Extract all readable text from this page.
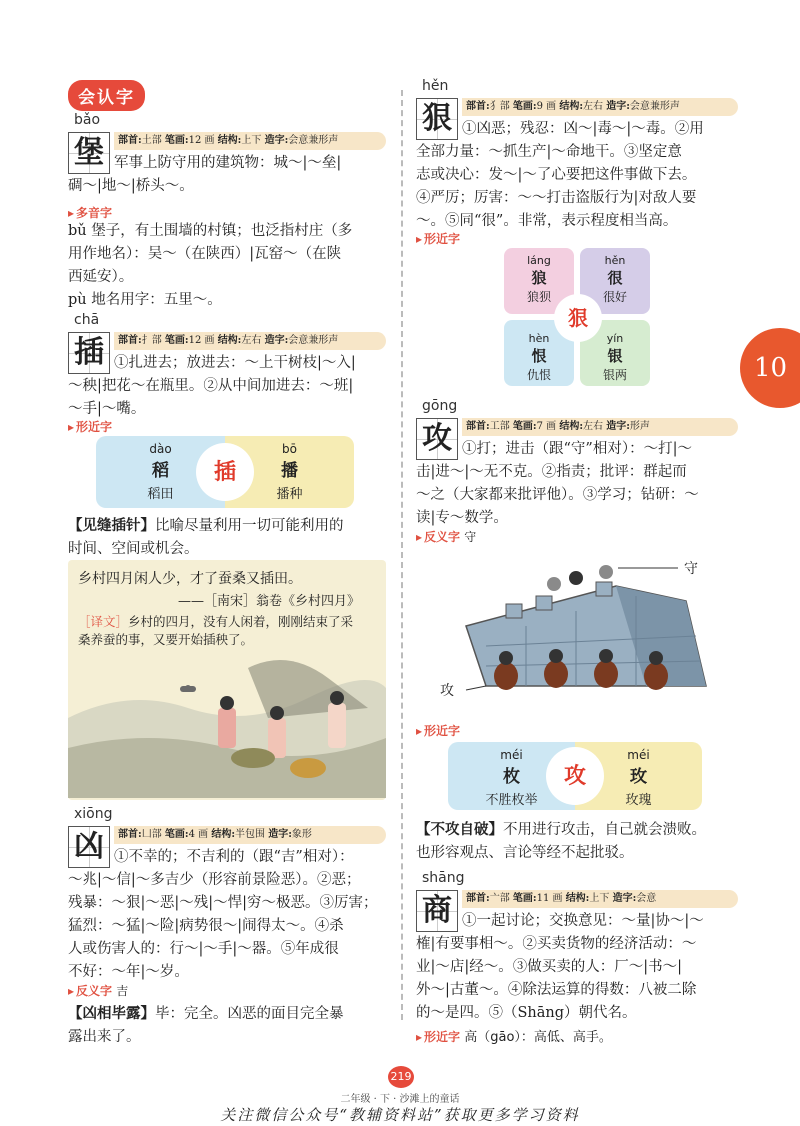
会认字
bǎo
堡	部首:土部 笔画:12 画 结构:上下 造字:会意兼形声
军事上防守用的建筑物：城～|～垒|
碉～|地～|桥头～。
▸ 多音字
bǔ 堡子，有土围墙的村镇；也泛指村庄（多
用作地名）：吴～（在陕西）|瓦窑～（在陕
西延安）。
pù 地名用字：五里～。
chā
插	部首:扌部 笔画:12 画 结构:左右 造字:会意兼形声
①扎进去；放进去：～上干树枝|～入|
～秧|把花～在瓶里。②从中间加进去：～班|
～手|～嘴。
▸ 形近字
dào
稻
稻田
bō
播
播种
插
【见缝插针】比喻尽量利用一切可能利用的
时间、空间或机会。
乡村四月闲人少，才了蚕桑又插田。
——［南宋］翁卷《乡村四月》
［译文］乡村的四月，没有人闲着，刚刚结束了采
桑养蚕的事，又要开始插秧了。
xiōng
凶	部首:凵部 笔画:4 画 结构:半包围 造字:象形
①不幸的；不吉利的（跟“吉”相对）：
～兆|～信|～多吉少（形容前景险恶）。②恶；
残暴：～狠|～恶|～残|～悍|穷～极恶。③厉害；
猛烈：～猛|～险|病势很～|闹得太～。④杀
人或伤害人的：行～|～手|～器。⑤年成很
不好：～年|～岁。
▸ 反义字 吉
【凶相毕露】毕：完全。凶恶的面目完全暴
露出来了。
hěn
狠	部首:犭部 笔画:9 画 结构:左右 造字:会意兼形声
①凶恶；残忍：凶～|毒～|～毒。②用
全部力量：～抓生产|～命地干。③坚定意
志或决心：发～|～了心要把这件事做下去。
④严厉；厉害：～～打击盗版行为|对敌人要
～。⑤同“很”。非常，表示程度相当高。
▸ 形近字
láng
狼
狼狈
hěn
很
很好
hèn
恨
仇恨
yín
银
银两
狠
gōng
攻	部首:工部 笔画:7 画 结构:左右 造字:形声
①打；进击（跟“守”相对）：～打|～
击|进～|～无不克。②指责；批评：群起而
～之（大家都来批评他）。③学习；钻研：～
读|专～数学。
▸ 反义字 守
守
攻
▸ 形近字
méi
枚
不胜枚举
méi
玫
玫瑰
攻
【不攻自破】不用进行攻击，自己就会溃败。
也形容观点、言论等经不起批驳。
shāng
商	部首:亠部 笔画:11 画 结构:上下 造字:会意
①一起讨论；交换意见：～量|协～|～
榷|有要事相～。②买卖货物的经济活动：～
业|～店|经～。③做买卖的人：厂～|书～|
外～|古董～。④除法运算的得数：八被二除
的～是四。⑤（Shāng）朝代名。
▸ 形近字 高（gāo）：高低、高手。
10
219
二年级 · 下 · 沙滩上的童话
关注微信公众号“教辅资料站”获取更多学习资料
